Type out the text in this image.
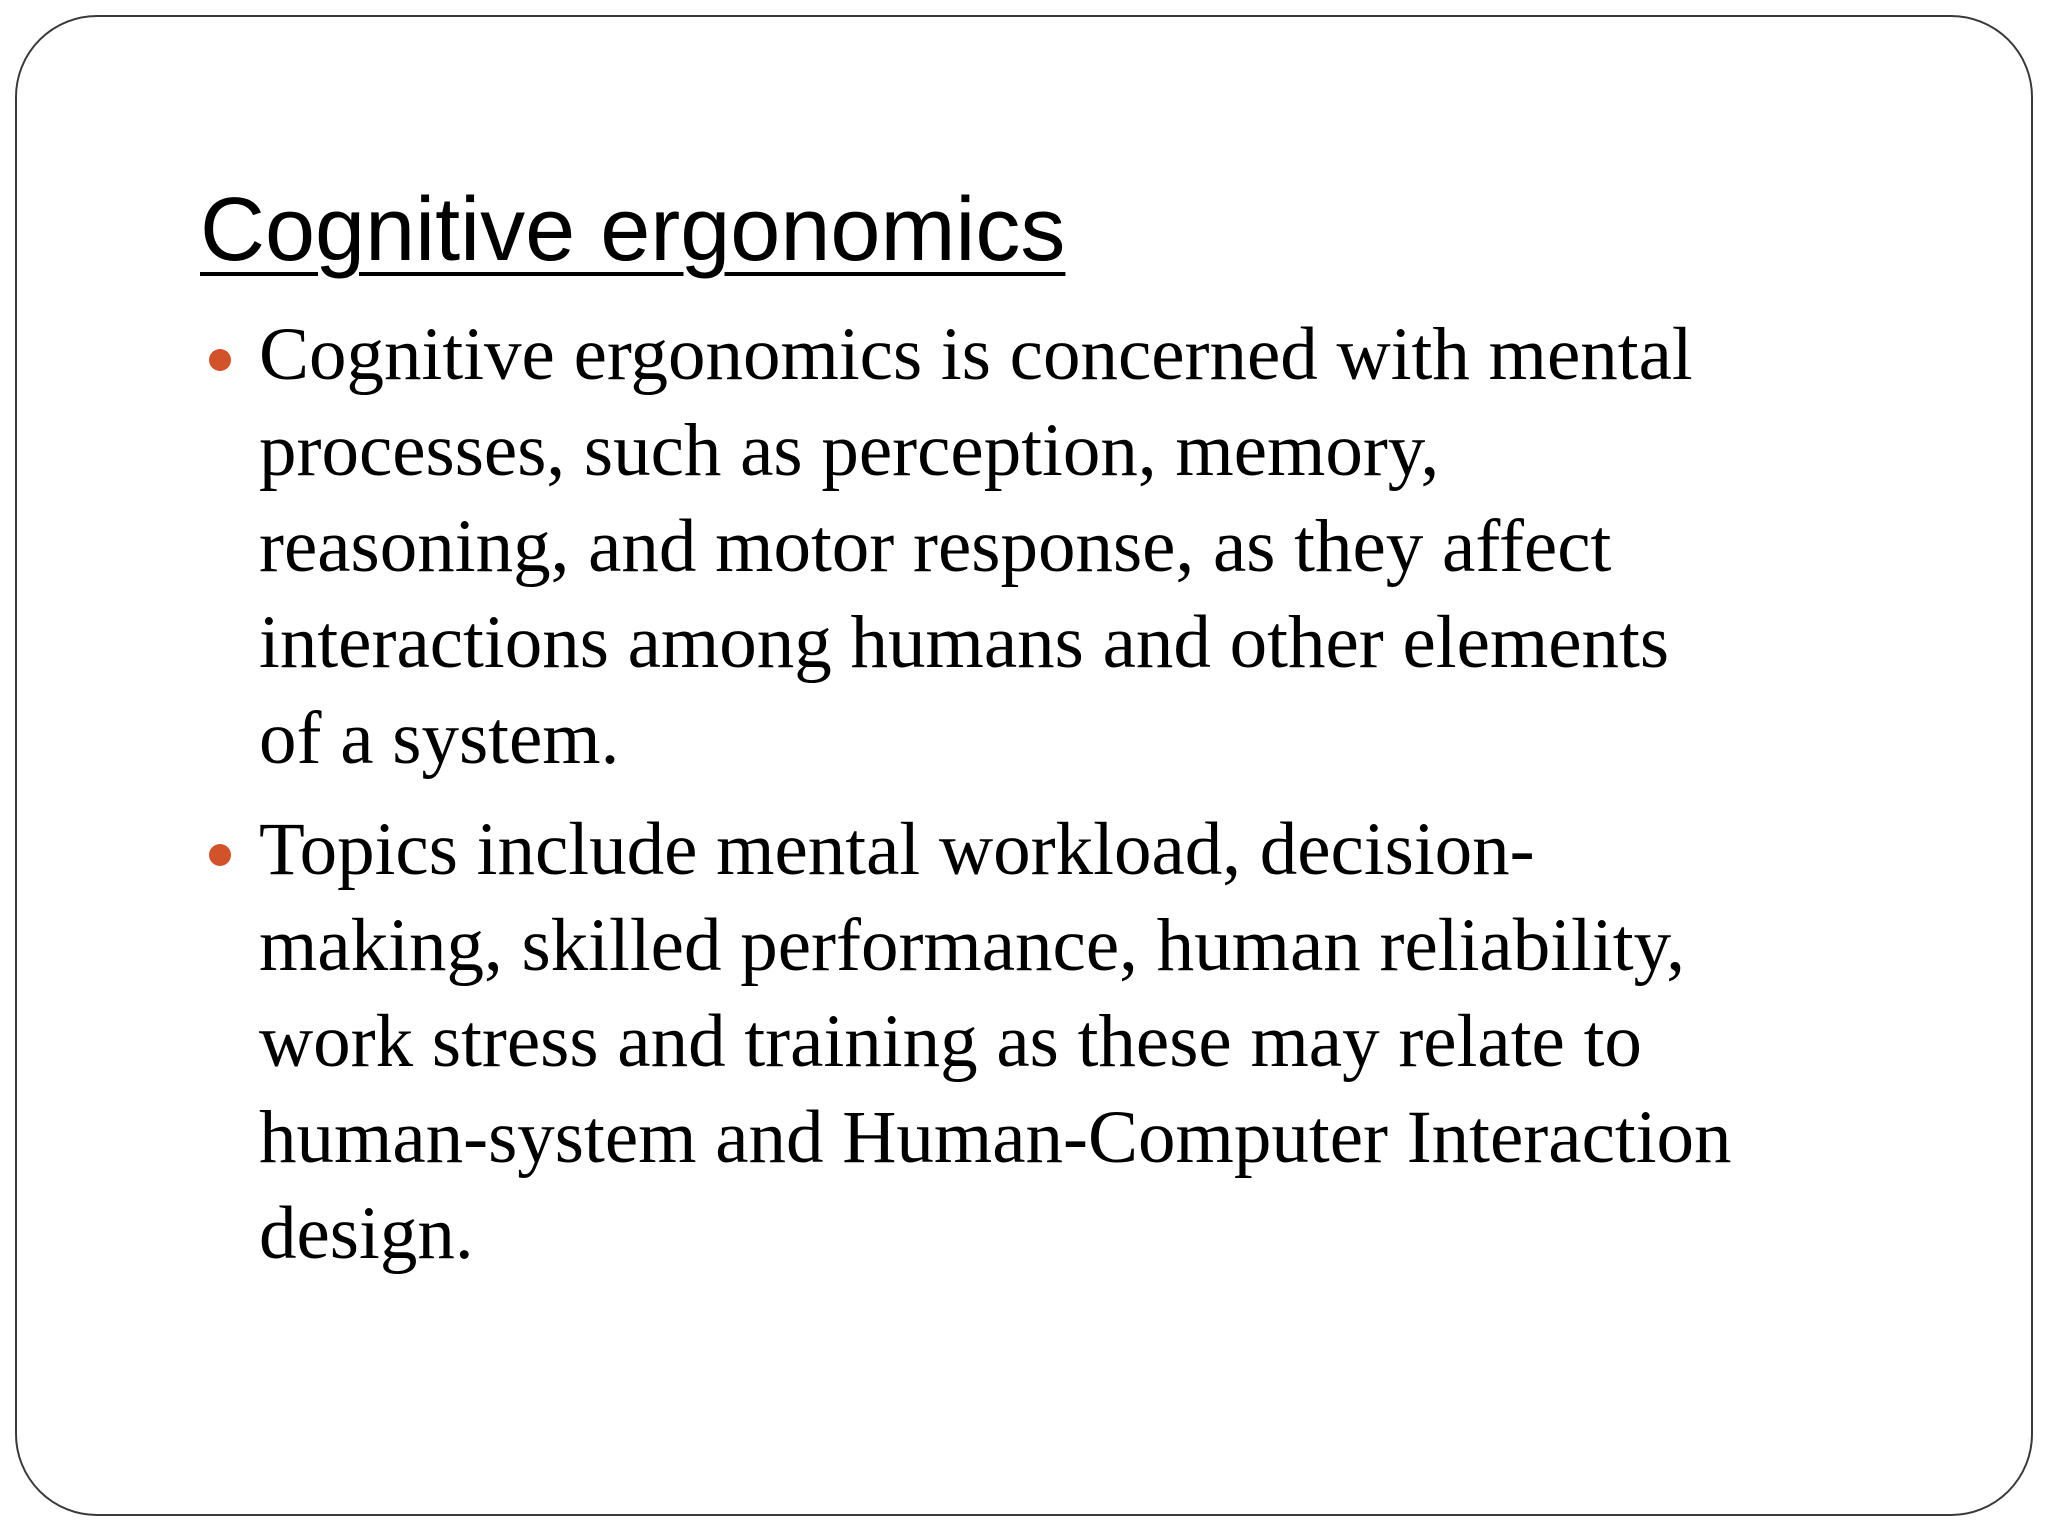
Cognitive ergonomics
Cognitive ergonomics is concerned with mental
processes, such as perception, memory,
reasoning, and motor response, as they affect
interactions among humans and other elements
of a system.
Topics include mental workload, decision-
making, skilled performance, human reliability,
work stress and training as these may relate to
human-system and Human-Computer Interaction
design.
